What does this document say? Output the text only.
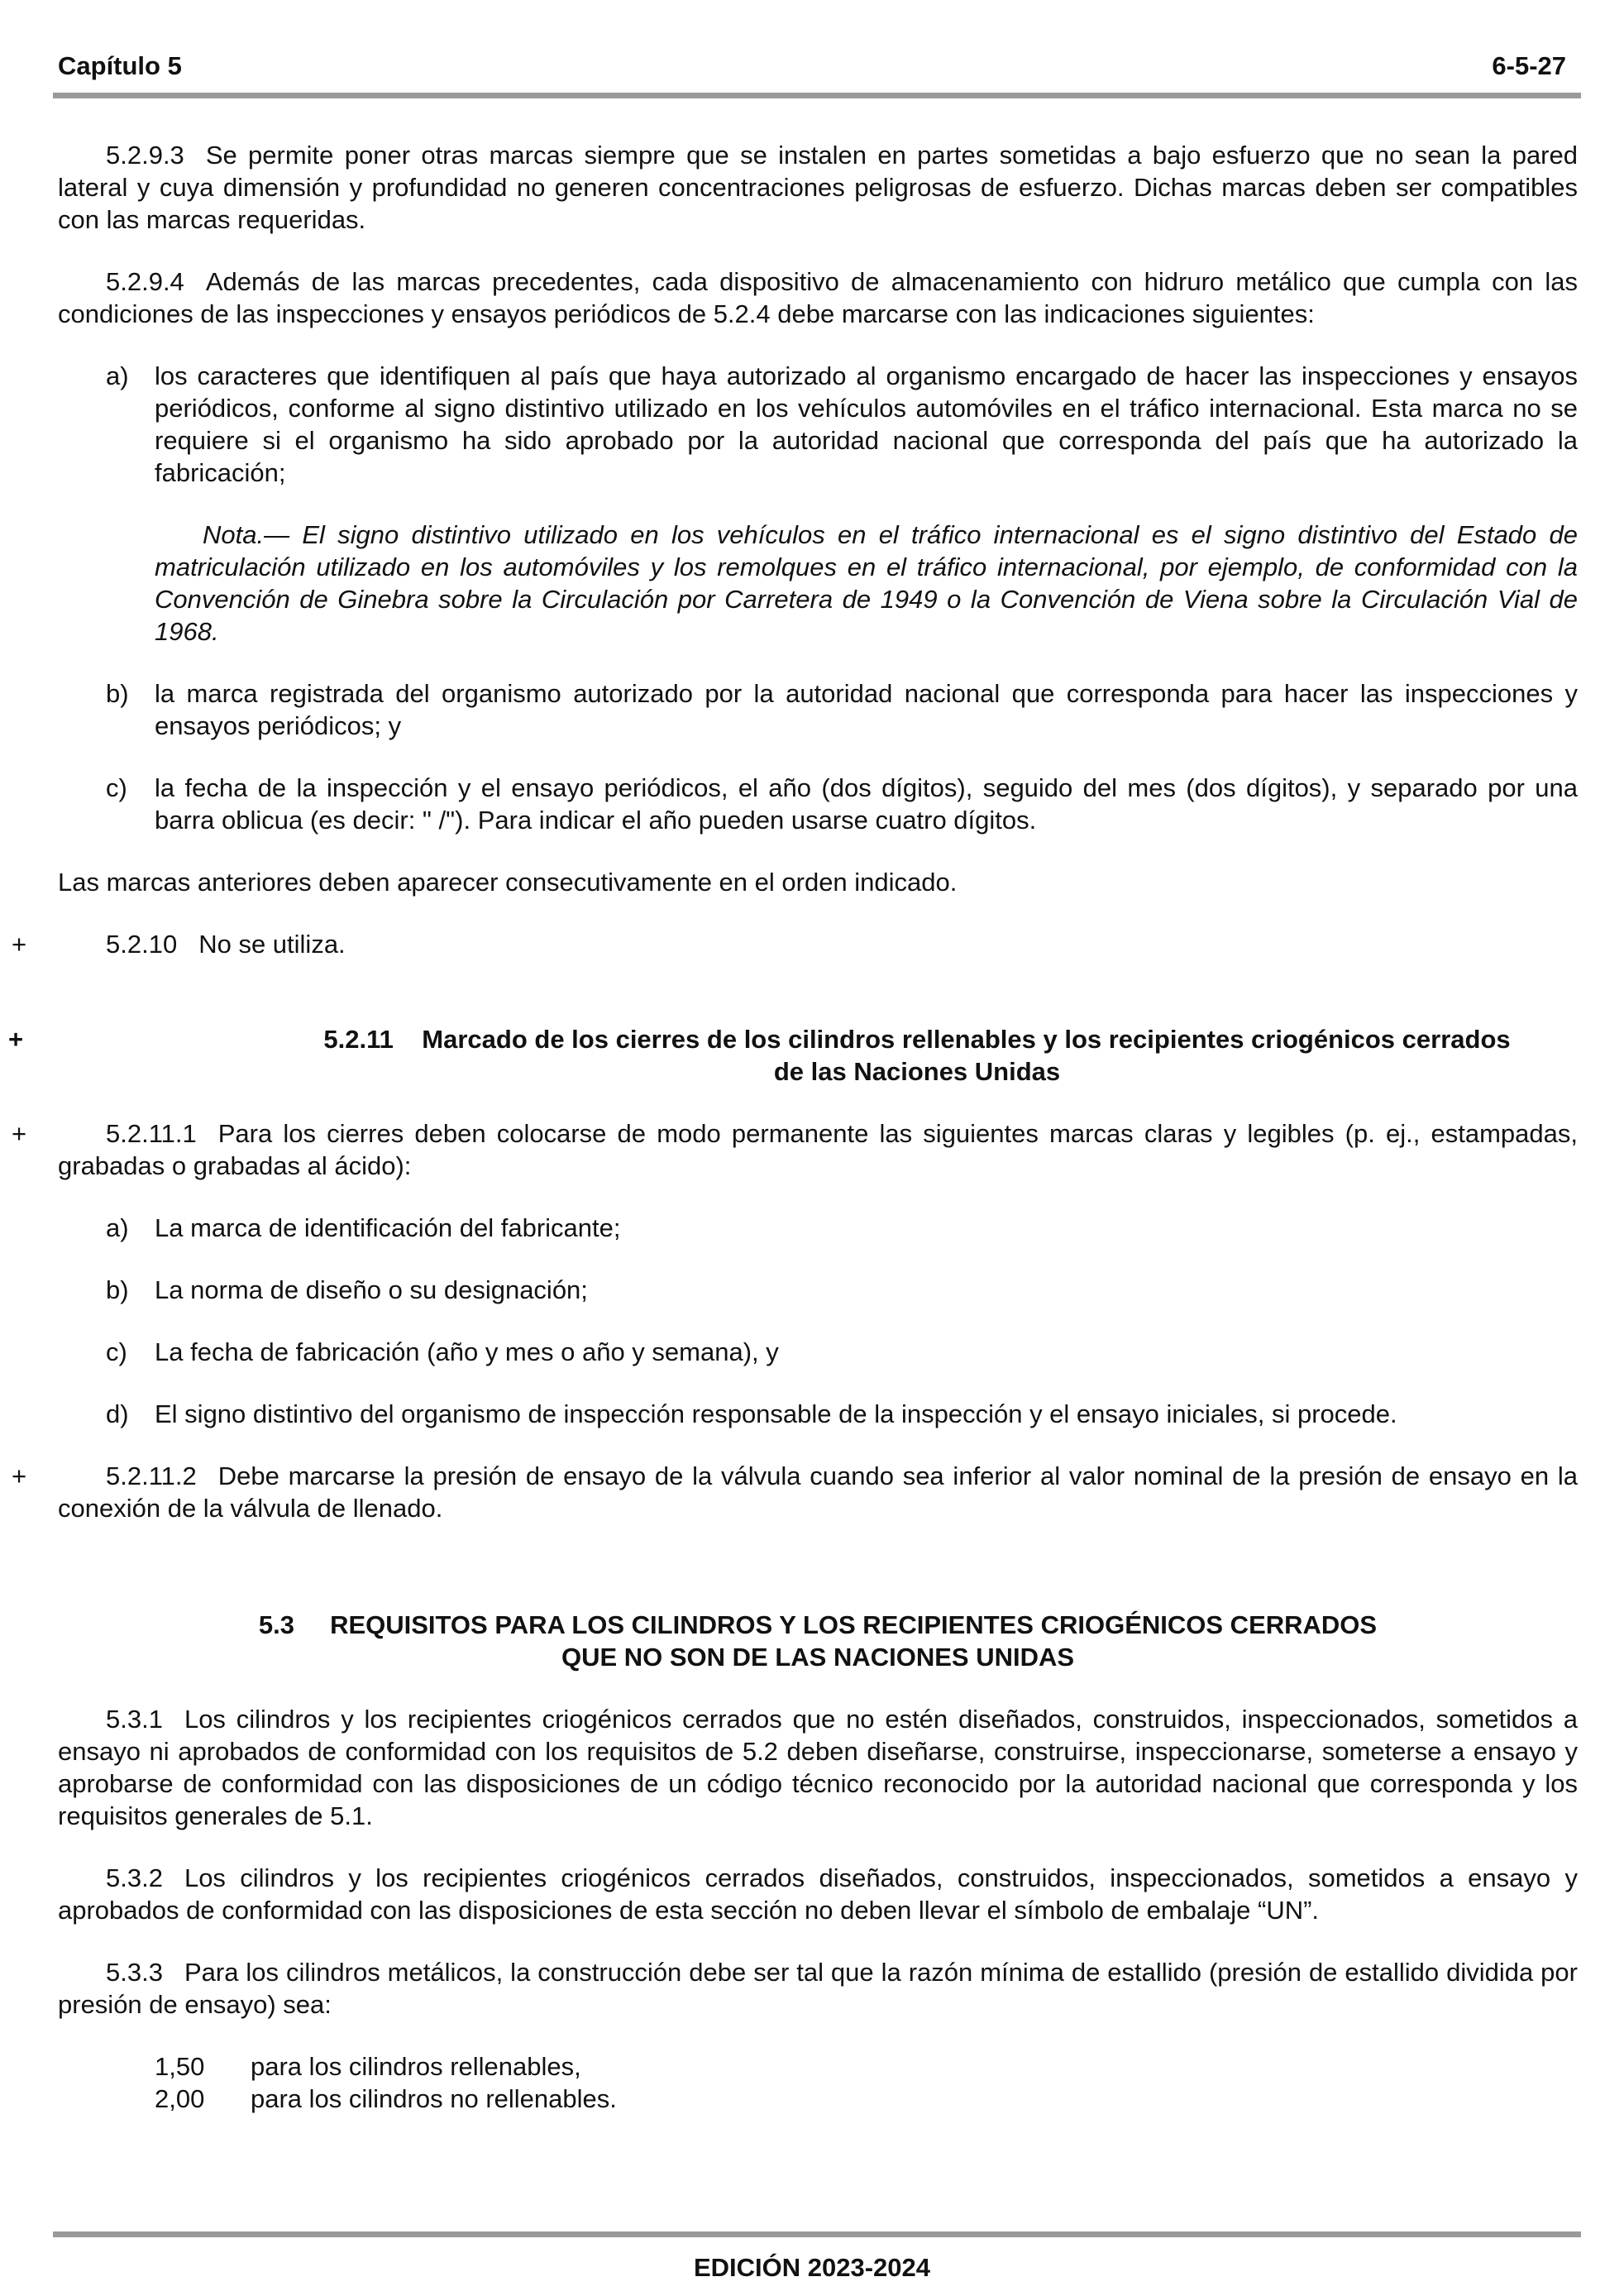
Capítulo 5	6-5-27

5.2.9.3 Se permite poner otras marcas siempre que se instalen en partes sometidas a bajo esfuerzo que no sean la pared lateral y cuya dimensión y profundidad no generen concentraciones peligrosas de esfuerzo. Dichas marcas deben ser compatibles con las marcas requeridas.

5.2.9.4 Además de las marcas precedentes, cada dispositivo de almacenamiento con hidruro metálico que cumpla con las condiciones de las inspecciones y ensayos periódicos de 5.2.4 debe marcarse con las indicaciones siguientes:

a) los caracteres que identifiquen al país que haya autorizado al organismo encargado de hacer las inspecciones y ensayos periódicos, conforme al signo distintivo utilizado en los vehículos automóviles en el tráfico internacional. Esta marca no se requiere si el organismo ha sido aprobado por la autoridad nacional que corresponda del país que ha autorizado la fabricación;
Nota.— El signo distintivo utilizado en los vehículos en el tráfico internacional es el signo distintivo del Estado de matriculación utilizado en los automóviles y los remolques en el tráfico internacional, por ejemplo, de conformidad con la Convención de Ginebra sobre la Circulación por Carretera de 1949 o la Convención de Viena sobre la Circulación Vial de 1968.
b) la marca registrada del organismo autorizado por la autoridad nacional que corresponda para hacer las inspecciones y ensayos periódicos; y
c) la fecha de la inspección y el ensayo periódicos, el año (dos dígitos), seguido del mes (dos dígitos), y separado por una barra oblicua (es decir: " /"). Para indicar el año pueden usarse cuatro dígitos.

Las marcas anteriores deben aparecer consecutivamente en el orden indicado.

+	5.2.10 No se utiliza.

+	5.2.11 Marcado de los cierres de los cilindros rellenables y los recipientes criogénicos cerrados
de las Naciones Unidas

+	5.2.11.1 Para los cierres deben colocarse de modo permanente las siguientes marcas claras y legibles (p. ej., estampadas, grabadas o grabadas al ácido):

a) La marca de identificación del fabricante;
b) La norma de diseño o su designación;
c) La fecha de fabricación (año y mes o año y semana), y
d) El signo distintivo del organismo de inspección responsable de la inspección y el ensayo iniciales, si procede.

+	5.2.11.2 Debe marcarse la presión de ensayo de la válvula cuando sea inferior al valor nominal de la presión de ensayo en la conexión de la válvula de llenado.

5.3 REQUISITOS PARA LOS CILINDROS Y LOS RECIPIENTES CRIOGÉNICOS CERRADOS
QUE NO SON DE LAS NACIONES UNIDAS

5.3.1 Los cilindros y los recipientes criogénicos cerrados que no estén diseñados, construidos, inspeccionados, sometidos a ensayo ni aprobados de conformidad con los requisitos de 5.2 deben diseñarse, construirse, inspeccionarse, someterse a ensayo y aprobarse de conformidad con las disposiciones de un código técnico reconocido por la autoridad nacional que corresponda y los requisitos generales de 5.1.

5.3.2 Los cilindros y los recipientes criogénicos cerrados diseñados, construidos, inspeccionados, sometidos a ensayo y aprobados de conformidad con las disposiciones de esta sección no deben llevar el símbolo de embalaje “UN”.

5.3.3 Para los cilindros metálicos, la construcción debe ser tal que la razón mínima de estallido (presión de estallido dividida por presión de ensayo) sea:

1,50 para los cilindros rellenables,
2,00 para los cilindros no rellenables.
EDICIÓN 2023-2024
